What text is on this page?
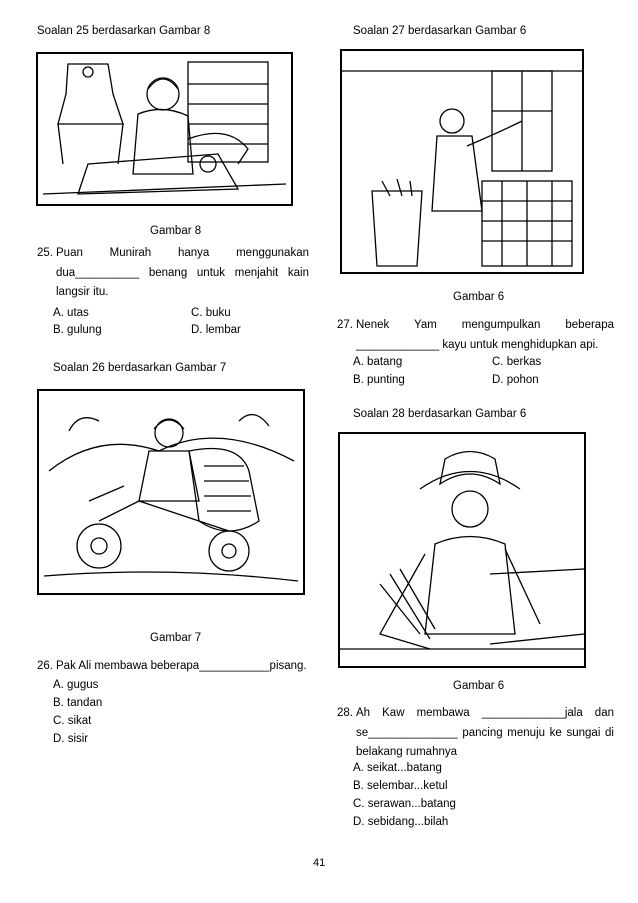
Soalan 25 berdasarkan Gambar 8
Gambar 8
25. Puan Munirah hanya menggunakan
dua__________ benang untuk menjahit kain
langsir itu.
A. utas	C. buku
B. gulung	D. lembar
Soalan 26 berdasarkan Gambar 7
Gambar 7
26. Pak Ali membawa beberapa___________pisang.
A. gugus
B. tandan
C. sikat
D. sisir
Soalan 27 berdasarkan Gambar 6
Gambar 6
27. Nenek Yam mengumpulkan beberapa
_____________ kayu untuk menghidupkan api.
A. batang	C. berkas
B. punting	D. pohon
Soalan 28 berdasarkan Gambar 6
Gambar 6
28. Ah Kaw membawa _____________jala dan
se______________ pancing menuju ke sungai di
belakang rumahnya
A. seikat...batang
B. selembar...ketul
C. serawan...batang
D. sebidang...bilah
41
